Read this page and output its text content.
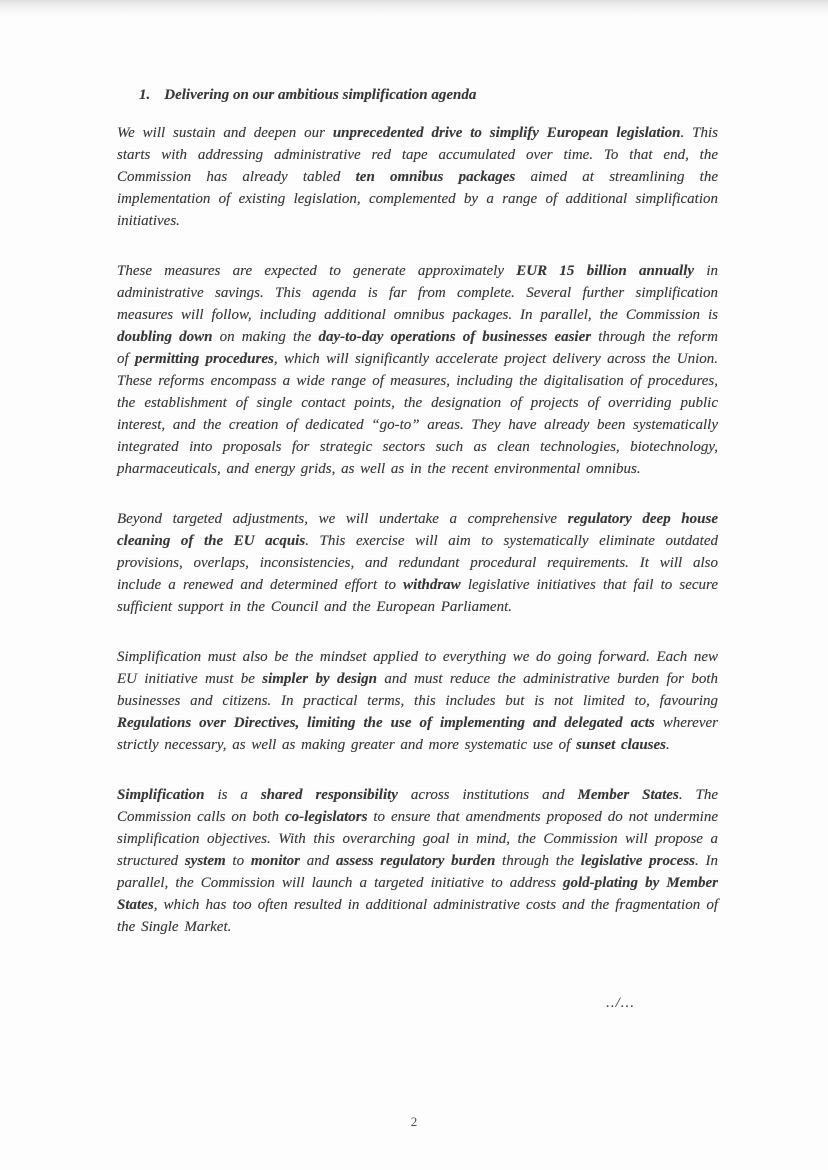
1. Delivering on our ambitious simplification agenda

We will sustain and deepen our unprecedented drive to simplify European legislation. This starts with addressing administrative red tape accumulated over time. To that end, the Commission has already tabled ten omnibus packages aimed at streamlining the implementation of existing legislation, complemented by a range of additional simplification initiatives.

These measures are expected to generate approximately EUR 15 billion annually in administrative savings. This agenda is far from complete. Several further simplification measures will follow, including additional omnibus packages. In parallel, the Commission is doubling down on making the day-to-day operations of businesses easier through the reform of permitting procedures, which will significantly accelerate project delivery across the Union. These reforms encompass a wide range of measures, including the digitalisation of procedures, the establishment of single contact points, the designation of projects of overriding public interest, and the creation of dedicated “go-to” areas. They have already been systematically integrated into proposals for strategic sectors such as clean technologies, biotechnology, pharmaceuticals, and energy grids, as well as in the recent environmental omnibus.

Beyond targeted adjustments, we will undertake a comprehensive regulatory deep house cleaning of the EU acquis. This exercise will aim to systematically eliminate outdated provisions, overlaps, inconsistencies, and redundant procedural requirements. It will also include a renewed and determined effort to withdraw legislative initiatives that fail to secure sufficient support in the Council and the European Parliament.

Simplification must also be the mindset applied to everything we do going forward. Each new EU initiative must be simpler by design and must reduce the administrative burden for both businesses and citizens. In practical terms, this includes but is not limited to, favouring Regulations over Directives, limiting the use of implementing and delegated acts wherever strictly necessary, as well as making greater and more systematic use of sunset clauses.

Simplification is a shared responsibility across institutions and Member States. The Commission calls on both co-legislators to ensure that amendments proposed do not undermine simplification objectives. With this overarching goal in mind, the Commission will propose a structured system to monitor and assess regulatory burden through the legislative process. In parallel, the Commission will launch a targeted initiative to address gold-plating by Member States, which has too often resulted in additional administrative costs and the fragmentation of the Single Market.

../...
2
